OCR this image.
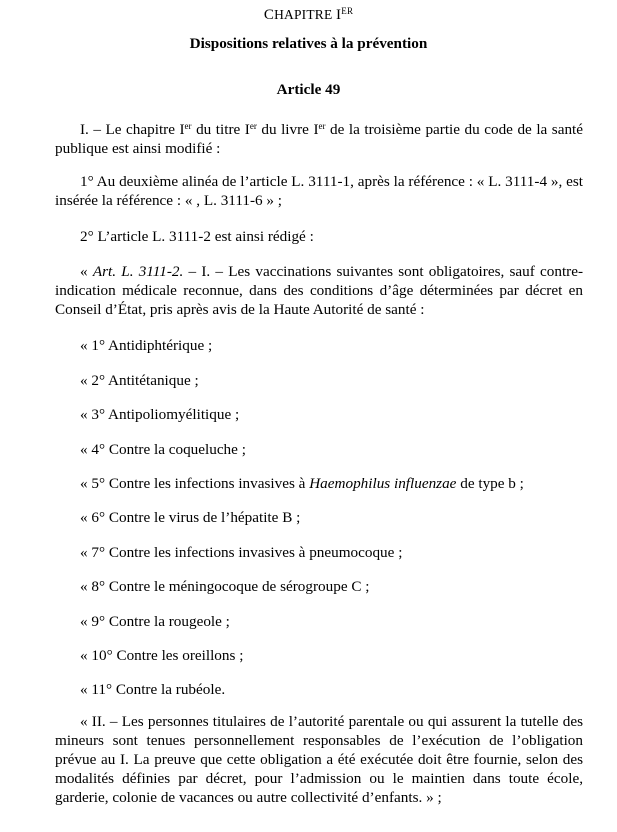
CHAPITRE IER
Dispositions relatives à la prévention
Article 49
I. – Le chapitre Ier du titre Ier du livre Ier de la troisième partie du code de la santé publique est ainsi modifié :
1° Au deuxième alinéa de l’article L. 3111-1, après la référence : « L. 3111-4 », est insérée la référence : « , L. 3111-6 » ;
2° L’article L. 3111-2 est ainsi rédigé :
« Art. L. 3111-2. – I. – Les vaccinations suivantes sont obligatoires, sauf contre-indication médicale reconnue, dans des conditions d’âge déterminées par décret en Conseil d’État, pris après avis de la Haute Autorité de santé :
« 1° Antidiphtérique ;
« 2° Antitétanique ;
« 3° Antipoliomyélitique ;
« 4° Contre la coqueluche ;
« 5° Contre les infections invasives à Haemophilus influenzae de type b ;
« 6° Contre le virus de l’hépatite B ;
« 7° Contre les infections invasives à pneumocoque ;
« 8° Contre le méningocoque de sérogroupe C ;
« 9° Contre la rougeole ;
« 10° Contre les oreillons ;
« 11° Contre la rubéole.
« II. – Les personnes titulaires de l’autorité parentale ou qui assurent la tutelle des mineurs sont tenues personnellement responsables de l’exécution de l’obligation prévue au I. La preuve que cette obligation a été exécutée doit être fournie, selon des modalités définies par décret, pour l’admission ou le maintien dans toute école, garderie, colonie de vacances ou autre collectivité d’enfants. » ;
